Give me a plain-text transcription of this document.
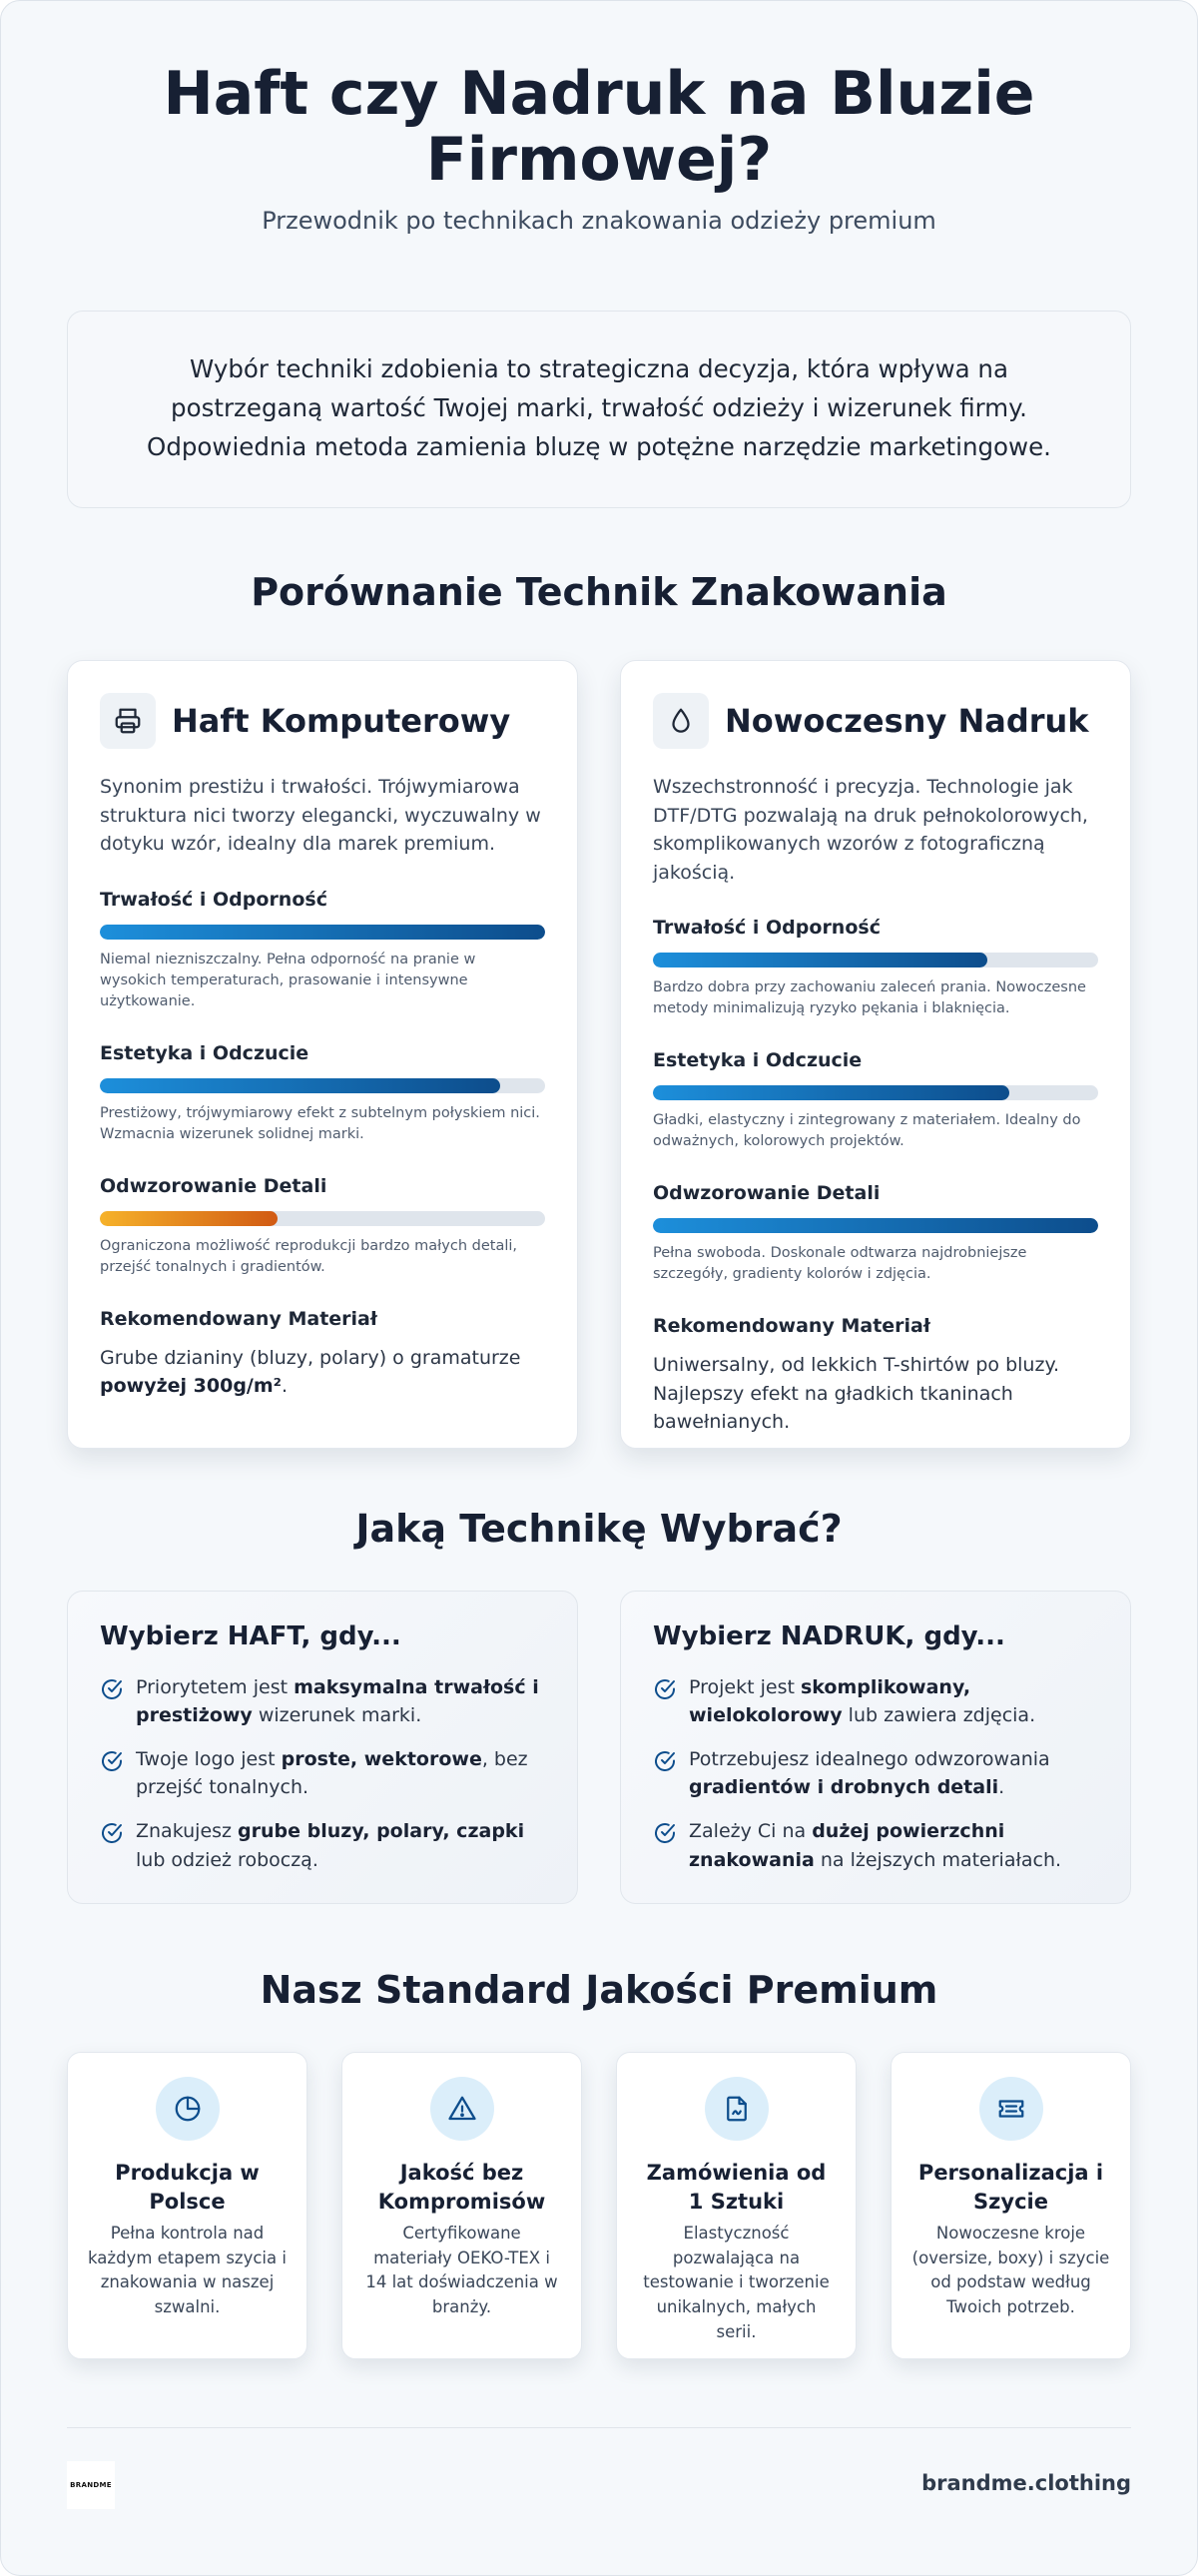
Haft czy Nadruk na Bluzie Firmowej?

Przewodnik po technikach znakowania odzieży premium

Wybór techniki zdobienia to strategiczna decyzja, która wpływa na postrzeganą wartość Twojej marki, trwałość odzieży i wizerunek firmy. Odpowiednia metoda zamienia bluzę w potężne narzędzie marketingowe.

Porównanie Technik Znakowania
Haft Komputerowy

Synonim prestiżu i trwałości. Trójwymiarowa struktura nici tworzy elegancki, wyczuwalny w dotyku wzór, idealny dla marek premium.

Trwałość i Odporność

Niemal niezniszczalny. Pełna odporność na pranie w wysokich temperaturach, prasowanie i intensywne użytkowanie.

Estetyka i Odczucie

Prestiżowy, trójwymiarowy efekt z subtelnym połyskiem nici. Wzmacnia wizerunek solidnej marki.

Odwzorowanie Detali

Ograniczona możliwość reprodukcji bardzo małych detali, przejść tonalnych i gradientów.

Rekomendowany Materiał

Grube dzianiny (bluzy, polary) o gramaturze powyżej 300g/m².

Nowoczesny Nadruk

Wszechstronność i precyzja. Technologie jak DTF/DTG pozwalają na druk pełnokolorowych, skomplikowanych wzorów z fotograficzną jakością.

Trwałość i Odporność

Bardzo dobra przy zachowaniu zaleceń prania. Nowoczesne metody minimalizują ryzyko pękania i blaknięcia.

Estetyka i Odczucie

Gładki, elastyczny i zintegrowany z materiałem. Idealny do odważnych, kolorowych projektów.

Odwzorowanie Detali

Pełna swoboda. Doskonale odtwarza najdrobniejsze szczegóły, gradienty kolorów i zdjęcia.

Rekomendowany Materiał

Uniwersalny, od lekkich T-shirtów po bluzy. Najlepszy efekt na gładkich tkaninach bawełnianych.

Jaką Technikę Wybrać?
Wybierz HAFT, gdy...
Priorytetem jest maksymalna trwałość i prestiżowy wizerunek marki.
Twoje logo jest proste, wektorowe, bez przejść tonalnych.
Znakujesz grube bluzy, polary, czapki lub odzież roboczą.
Wybierz NADRUK, gdy...
Projekt jest skomplikowany, wielokolorowy lub zawiera zdjęcia.
Potrzebujesz idealnego odwzorowania gradientów i drobnych detali.
Zależy Ci na dużej powierzchni znakowania na lżejszych materiałach.
Nasz Standard Jakości Premium
Produkcja w Polsce
Pełna kontrola nad każdym etapem szycia i znakowania w naszej szwalni.
Jakość bez Kompromisów
Certyfikowane materiały OEKO-TEX i 14 lat doświadczenia w branży.
Zamówienia od 1 Sztuki
Elastyczność pozwalająca na testowanie i tworzenie unikalnych, małych serii.
Personalizacja i Szycie
Nowoczesne kroje (oversize, boxy) i szycie od podstaw według Twoich potrzeb.
BRANDME	brandme.clothing
